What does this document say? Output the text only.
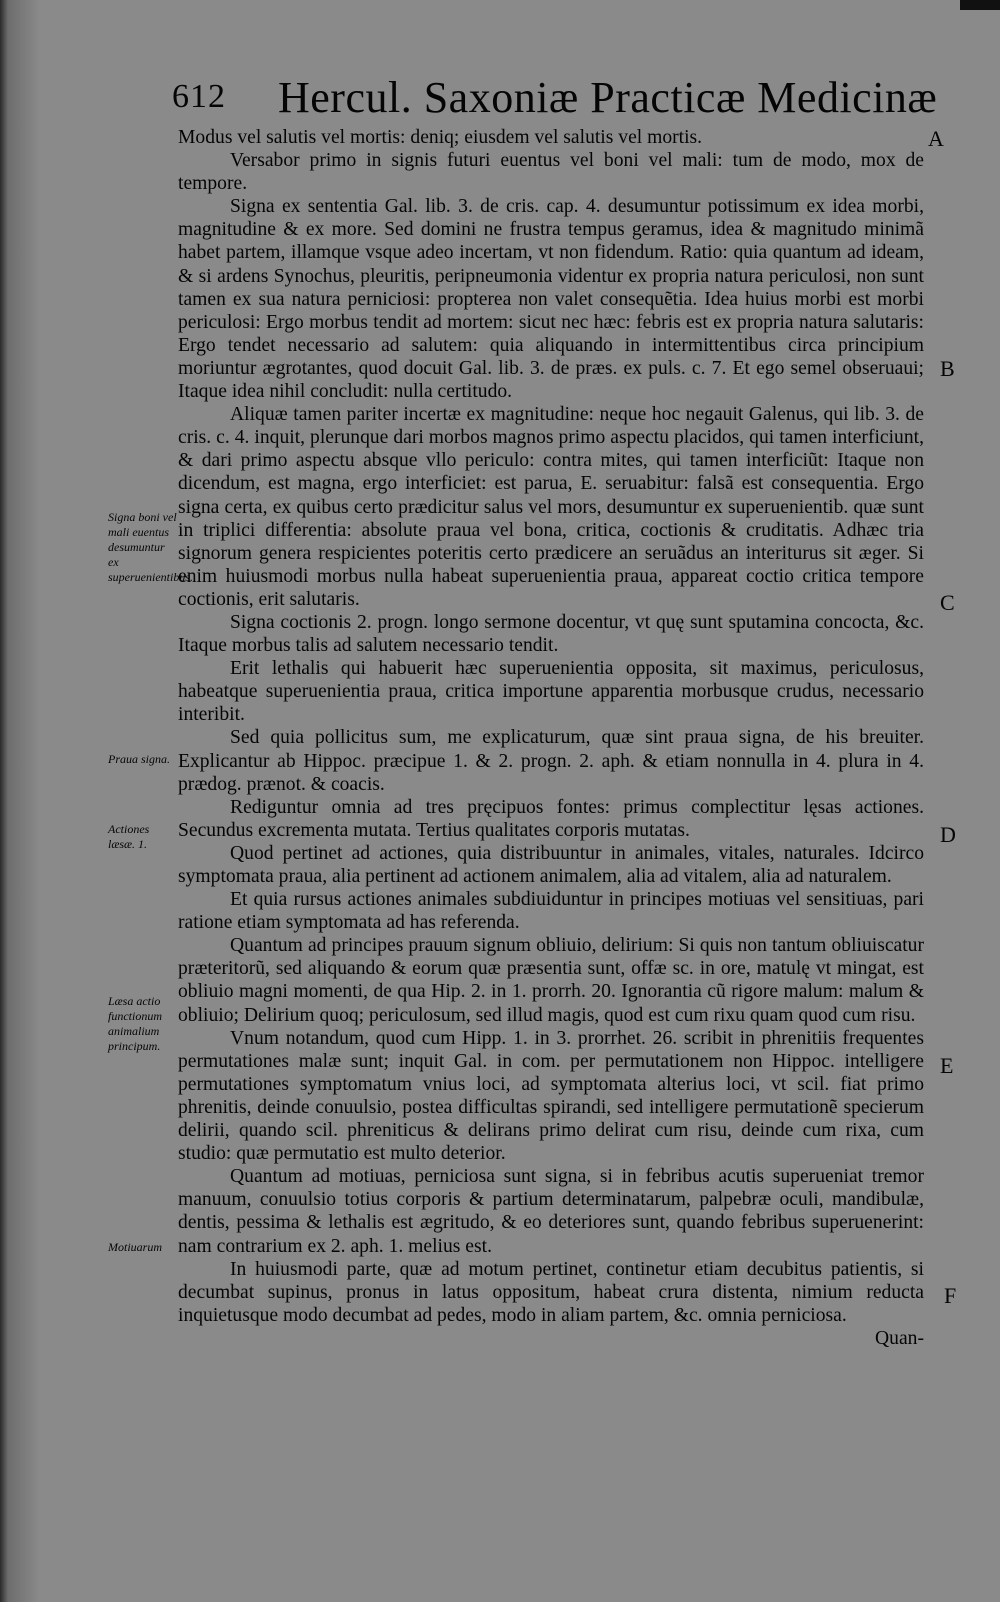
612 Hercul. Saxoniæ Practicæ Medicinæ
A
B
C
D
E
F
Signa boni vel mali euentus desumuntur ex superuenientibus.
Praua signa.
Actiones læsæ. 1.
Læsa actio functionum animalium principum.
Motiuarum

Modus vel salutis vel mortis: deniq; eiusdem vel salutis vel mortis.

Versabor primo in signis futuri euentus vel boni vel mali: tum de modo, mox de tempore.

Signa ex sententia Gal. lib. 3. de cris. cap. 4. desumuntur potissimum ex idea morbi, magnitudine & ex more. Sed domini ne frustra tempus geramus, idea & magnitudo minimã habet partem, illamque vsque adeo incertam, vt non fidendum. Ratio: quia quantum ad ideam, & si ardens Synochus, pleuritis, peripneumonia videntur ex propria natura periculosi, non sunt tamen ex sua natura perniciosi: propterea non valet consequẽtia. Idea huius morbi est morbi periculosi: Ergo morbus tendit ad mortem: sicut nec hæc: febris est ex propria natura salutaris: Ergo tendet necessario ad salutem: quia aliquando in intermittentibus circa principium moriuntur ægrotantes, quod docuit Gal. lib. 3. de præs. ex puls. c. 7. Et ego semel obseruaui; Itaque idea nihil concludit: nulla certitudo.

Aliquæ tamen pariter incertæ ex magnitudine: neque hoc negauit Galenus, qui lib. 3. de cris. c. 4. inquit, plerunque dari morbos magnos primo aspectu placidos, qui tamen interficiunt, & dari primo aspectu absque vllo periculo: contra mites, qui tamen interficiũt: Itaque non dicendum, est magna, ergo interficiet: est parua, E. seruabitur: falsã est consequentia. Ergo signa certa, ex quibus certo prædicitur salus vel mors, desumuntur ex superuenientib. quæ sunt in triplici differentia: absolute praua vel bona, critica, coctionis & cruditatis. Adhæc tria signorum genera respicientes poteritis certo prædicere an seruãdus an interiturus sit æger. Si enim huiusmodi morbus nulla habeat superuenientia praua, appareat coctio critica tempore coctionis, erit salutaris.

Signa coctionis 2. progn. longo sermone docentur, vt quę sunt sputamina concocta, &c. Itaque morbus talis ad salutem necessario tendit.

Erit lethalis qui habuerit hæc superuenientia opposita, sit maximus, periculosus, habeatque superuenientia praua, critica importune apparentia morbusque crudus, necessario interibit.

Sed quia pollicitus sum, me explicaturum, quæ sint praua signa, de his breuiter. Explicantur ab Hippoc. præcipue 1. & 2. progn. 2. aph. & etiam nonnulla in 4. plura in 4. prædog. prænot. & coacis.

Rediguntur omnia ad tres pręcipuos fontes: primus complectitur lęsas actiones. Secundus excrementa mutata. Tertius qualitates corporis mutatas.

Quod pertinet ad actiones, quia distribuuntur in animales, vitales, naturales. Idcirco symptomata praua, alia pertinent ad actionem animalem, alia ad vitalem, alia ad naturalem.

Et quia rursus actiones animales subdiuiduntur in principes motiuas vel sensitiuas, pari ratione etiam symptomata ad has referenda.

Quantum ad principes prauum signum obliuio, delirium: Si quis non tantum obliuiscatur præteritorũ, sed aliquando & eorum quæ præsentia sunt, offæ sc. in ore, matulę vt mingat, est obliuio magni momenti, de qua Hip. 2. in 1. prorrh. 20. Ignorantia cũ rigore malum: malum & obliuio; Delirium quoq; periculosum, sed illud magis, quod est cum rixu quam quod cum risu.

Vnum notandum, quod cum Hipp. 1. in 3. prorrhet. 26. scribit in phrenitiis frequentes permutationes malæ sunt; inquit Gal. in com. per permutationem non Hippoc. intelligere permutationes symptomatum vnius loci, ad symptomata alterius loci, vt scil. fiat primo phrenitis, deinde conuulsio, postea difficultas spirandi, sed intelligere permutationẽ specierum delirii, quando scil. phreniticus & delirans primo delirat cum risu, deinde cum rixa, cum studio: quæ permutatio est multo deterior.

Quantum ad motiuas, perniciosa sunt signa, si in febribus acutis superueniat tremor manuum, conuulsio totius corporis & partium determinatarum, palpebræ oculi, mandibulæ, dentis, pessima & lethalis est ægritudo, & eo deteriores sunt, quando febribus superuenerint: nam contrarium ex 2. aph. 1. melius est.

In huiusmodi parte, quæ ad motum pertinet, continetur etiam decubitus patientis, si decumbat supinus, pronus in latus oppositum, habeat crura distenta, nimium reducta inquietusque modo decumbat ad pedes, modo in aliam partem, &c. omnia perniciosa.

Quan-
